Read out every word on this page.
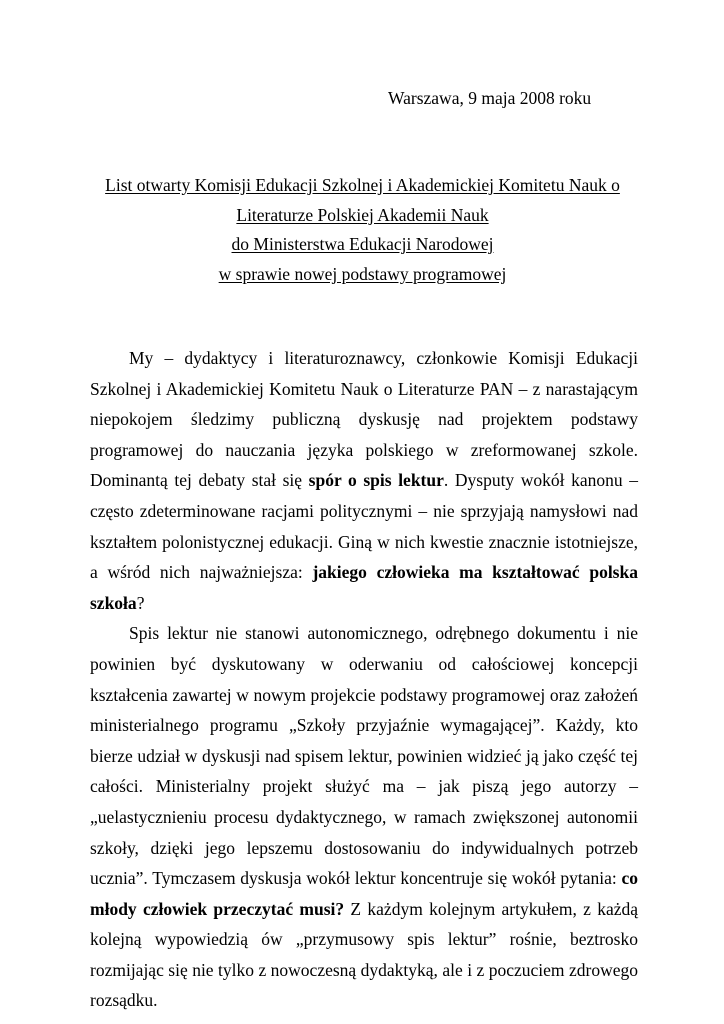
Warszawa, 9 maja 2008 roku
List otwarty Komisji Edukacji Szkolnej i Akademickiej Komitetu Nauk o
Literaturze Polskiej Akademii Nauk
do Ministerstwa Edukacji Narodowej
w sprawie nowej podstawy programowej

My – dydaktycy i literaturoznawcy, członkowie Komisji Edukacji Szkolnej i Akademickiej Komitetu Nauk o Literaturze PAN – z narastającym niepokojem śledzimy publiczną dyskusję nad projektem podstawy programowej do nauczania języka polskiego w zreformowanej szkole. Dominantą tej debaty stał się spór o spis lektur. Dysputy wokół kanonu – często zdeterminowane racjami politycznymi – nie sprzyjają namysłowi nad kształtem polonistycznej edukacji. Giną w nich kwestie znacznie istotniejsze, a wśród nich najważniejsza: jakiego człowieka ma kształtować polska szkoła?

Spis lektur nie stanowi autonomicznego, odrębnego dokumentu i nie powinien być dyskutowany w oderwaniu od całościowej koncepcji kształcenia zawartej w nowym projekcie podstawy programowej oraz założeń ministerialnego programu „Szkoły przyjaźnie wymagającej”. Każdy, kto bierze udział w dyskusji nad spisem lektur, powinien widzieć ją jako część tej całości. Ministerialny projekt służyć ma – jak piszą jego autorzy – „uelastycznieniu procesu dydaktycznego, w ramach zwiększonej autonomii szkoły, dzięki jego lepszemu dostosowaniu do indywidualnych potrzeb ucznia”. Tymczasem dyskusja wokół lektur koncentruje się wokół pytania: co młody człowiek przeczytać musi? Z każdym kolejnym artykułem, z każdą kolejną wypowiedzią ów „przymusowy spis lektur” rośnie, beztrosko rozmijając się nie tylko z nowoczesną dydaktyką, ale i z poczuciem zdrowego rozsądku.
